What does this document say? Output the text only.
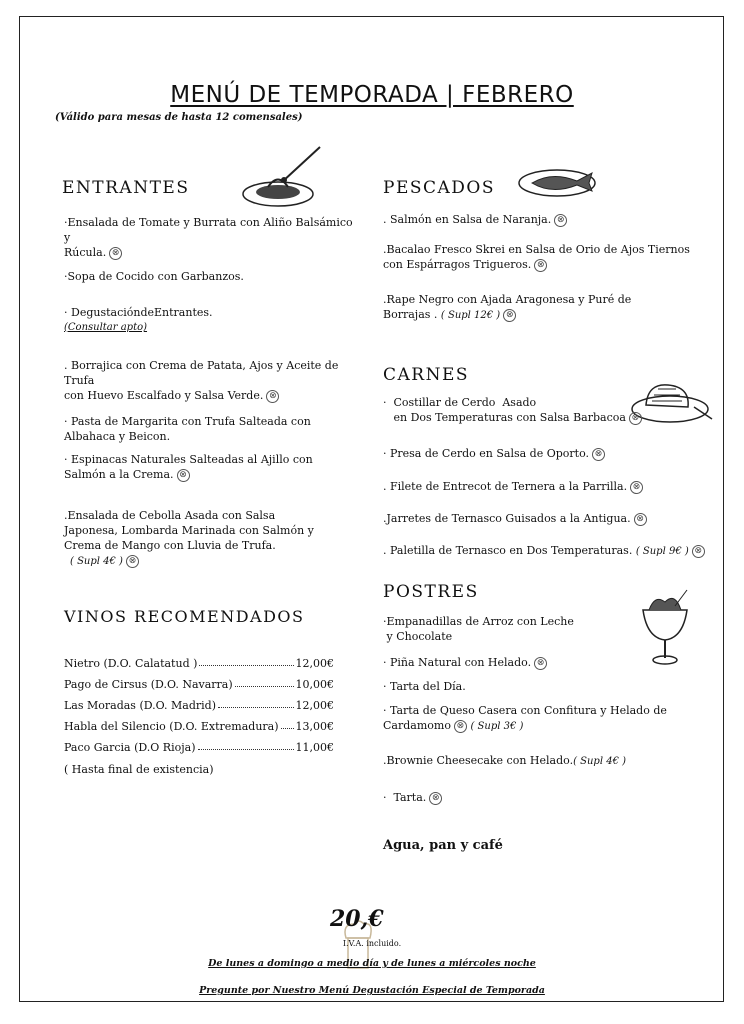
MENÚ DE TEMPORADA | FEBRERO
(Válido para mesas de hasta 12 comensales)
ENTRANTES
·Ensalada de Tomate y Burrata con Aliño Balsámico y
Rúcula. ⊗
·Sopa de Cocido con Garbanzos.
· DegustacióndeEntrantes.
(Consultar apto)
. Borrajica con Crema de Patata, Ajos y Aceite de Trufa
con Huevo Escalfado y Salsa Verde. ⊗
· Pasta de Margarita con Trufa Salteada con
Albahaca y Beicon.
· Espinacas Naturales Salteadas al Ajillo con
Salmón a la Crema. ⊗
.Ensalada de Cebolla Asada con Salsa
Japonesa, Lombarda Marinada con Salmón y
Crema de Mango con Lluvia de Trufa.
( Supl 4€ ) ⊗
VINOS RECOMENDADOS
Nietro (D.O. Calatatud )	12,00€
Pago de Cirsus (D.O. Navarra)	10,00€
Las Moradas (D.O. Madrid)	12,00€
Habla del Silencio (D.O. Extremadura) 13,00€
Paco Garcia (D.O Rioja)	11,00€
( Hasta final de existencia)
PESCADOS
. Salmón en Salsa de Naranja. ⊗
.Bacalao Fresco Skrei en Salsa de Orio de Ajos Tiernos
con Espárragos Trigueros. ⊗
.Rape Negro con Ajada Aragonesa y Puré de
Borrajas . ( Supl 12€ ) ⊗
CARNES
·  Costillar de Cerdo  Asado
en Dos Temperaturas con Salsa Barbacoa ⊗
· Presa de Cerdo en Salsa de Oporto. ⊗
. Filete de Entrecot de Ternera a la Parrilla. ⊗
.Jarretes de Ternasco Guisados a la Antigua. ⊗
. Paletilla de Ternasco en Dos Temperaturas. ( Supl 9€ ) ⊗
POSTRES
·Empanadillas de Arroz con Leche
y Chocolate
· Piña Natural con Helado. ⊗
· Tarta del Día.
· Tarta de Queso Casera con Confitura y Helado de
Cardamomo ⊗ ( Supl 3€ )
.Brownie Cheesecake con Helado.( Supl 4€ )
·  Tarta. ⊗
Agua, pan y café
20,€
I.V.A. incluido.
De lunes a domingo a medio día y de lunes a miércoles noche
Pregunte por Nuestro Menú Degustación Especial de Temporada
